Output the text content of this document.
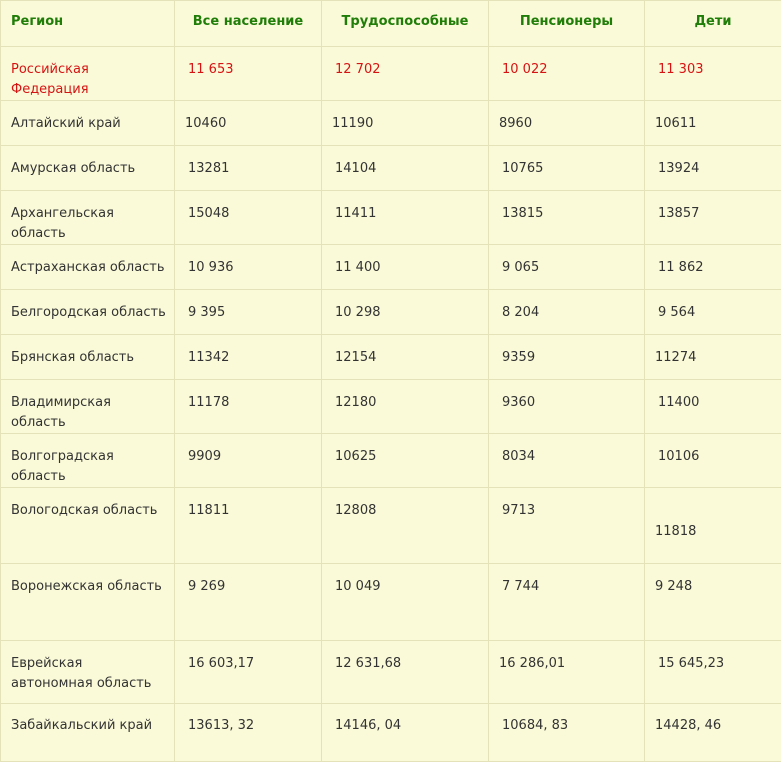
Регион	Все население	Трудоспособные	Пенсионеры	Дети
Российская Федерация	11 653	12 702	10 022	11 303
Алтайский край	10460	11190	8960	10611
Амурская область	13281	14104	10765	13924
Архангельская область	15048	11411	13815	13857
Астраханская область	10 936	11 400	9 065	11 862
Белгородская область	9 395	10 298	8 204	9 564
Брянская область	11342	12154	9359	11274
Владимирская область	11178	12180	9360	11400
Волгоградская область	9909	10625	8034	10106
Вологодская область	11811	12808	9713	11818
Воронежская область	9 269	10 049	7 744	9 248
Еврейская автономная область	16 603,17	12 631,68	16 286,01	15 645,23
Забайкальский край	13613, 32	14146, 04	10684, 83	14428, 46
